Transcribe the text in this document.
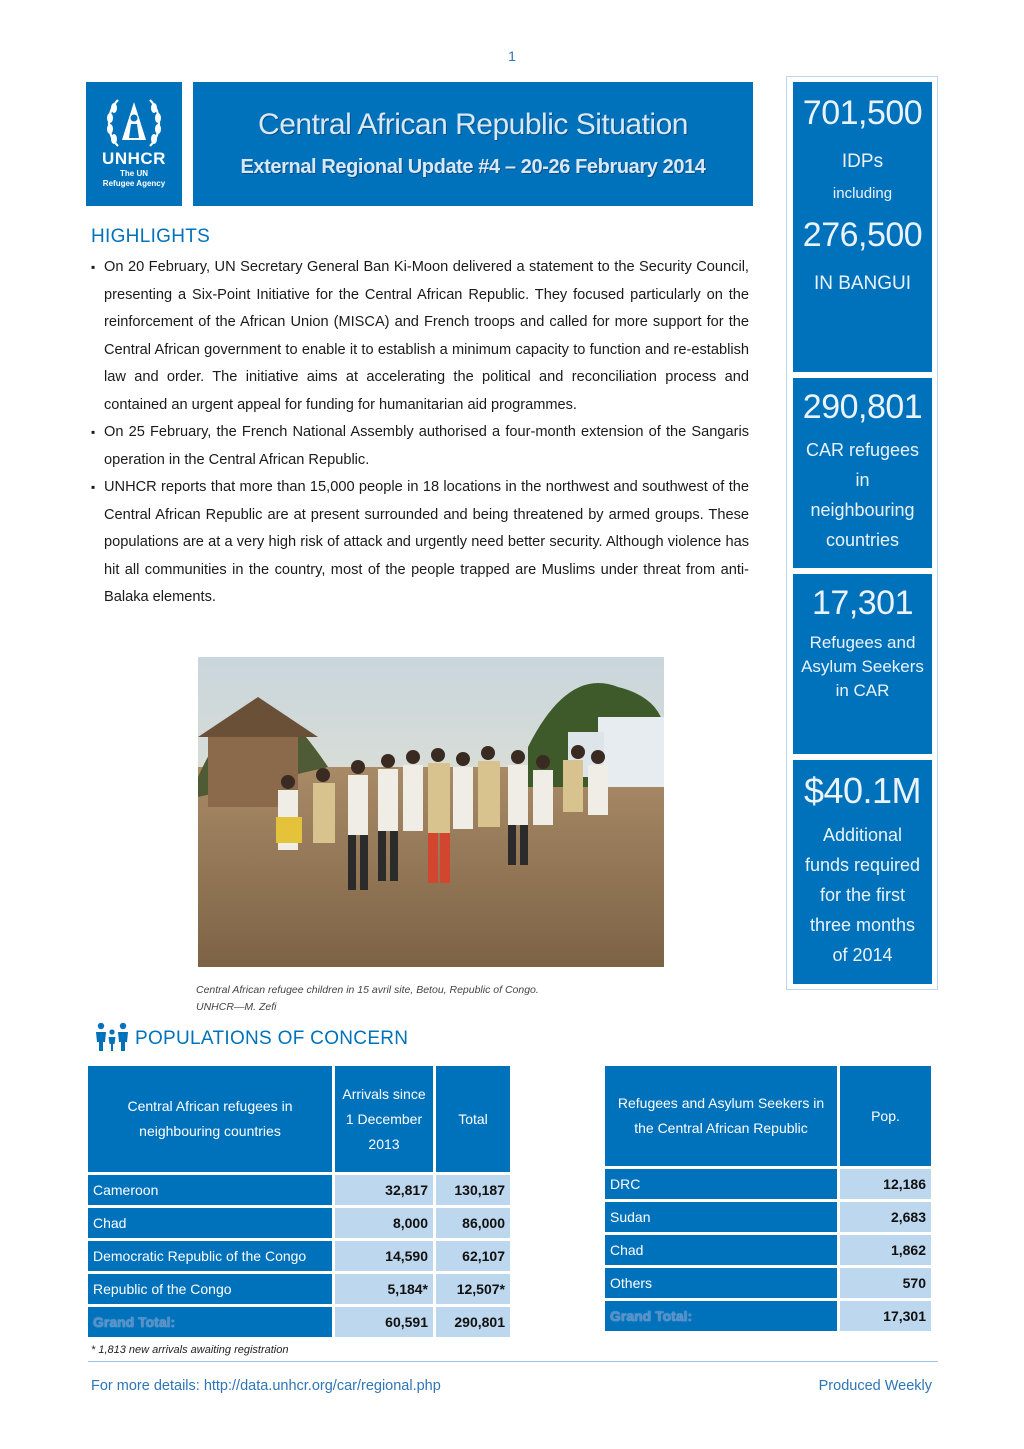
1
UNHCR
The UN
Refugee Agency
Central African Republic Situation
External Regional Update #4 – 20-26 February 2014
701,500
IDPs
including
276,500
IN BANGUI
290,801
CAR refugees
in
neighbouring
countries
17,301
Refugees and
Asylum Seekers
in CAR
$40.1M
Additional
funds required
for the first
three months
of 2014
HIGHLIGHTS
▪ On 20 February, UN Secretary General Ban Ki-Moon delivered a statement to the Security Council, presenting a Six-Point Initiative for the Central African Republic. They focused particularly on the reinforcement of the African Union (MISCA) and French troops and called for more support for the Central African government to enable it to establish a minimum capacity to function and re-establish law and order. The initiative aims at accelerating the political and reconciliation process and contained an urgent appeal for funding for humanitarian aid programmes.
▪ On 25 February, the French National Assembly authorised a four-month extension of the Sangaris operation in the Central African Republic.
▪ UNHCR reports that more than 15,000 people in 18 locations in the northwest and southwest of the Central African Republic are at present surrounded and being threatened by armed groups. These populations are at a very high risk of attack and urgently need better security. Although violence has hit all communities in the country, most of the people trapped are Muslims under threat from anti-Balaka elements.
Central African refugee children in 15 avril site, Betou, Republic of Congo.
UNHCR—M. Zefi
POPULATIONS OF CONCERN
Central African refugees in neighbouring countries	Arrivals since 1 December 2013	Total
Cameroon	32,817	130,187
Chad	8,000	86,000
Democratic Republic of the Congo	14,590	62,107
Republic of the Congo	5,184*	12,507*
Grand Total:	60,591	290,801
Refugees and Asylum Seekers in the Central African Republic	Pop.
DRC	12,186
Sudan	2,683
Chad	1,862
Others	570
Grand Total:	17,301
* 1,813 new arrivals awaiting registration
For more details: http://data.unhcr.org/car/regional.php	Produced Weekly
